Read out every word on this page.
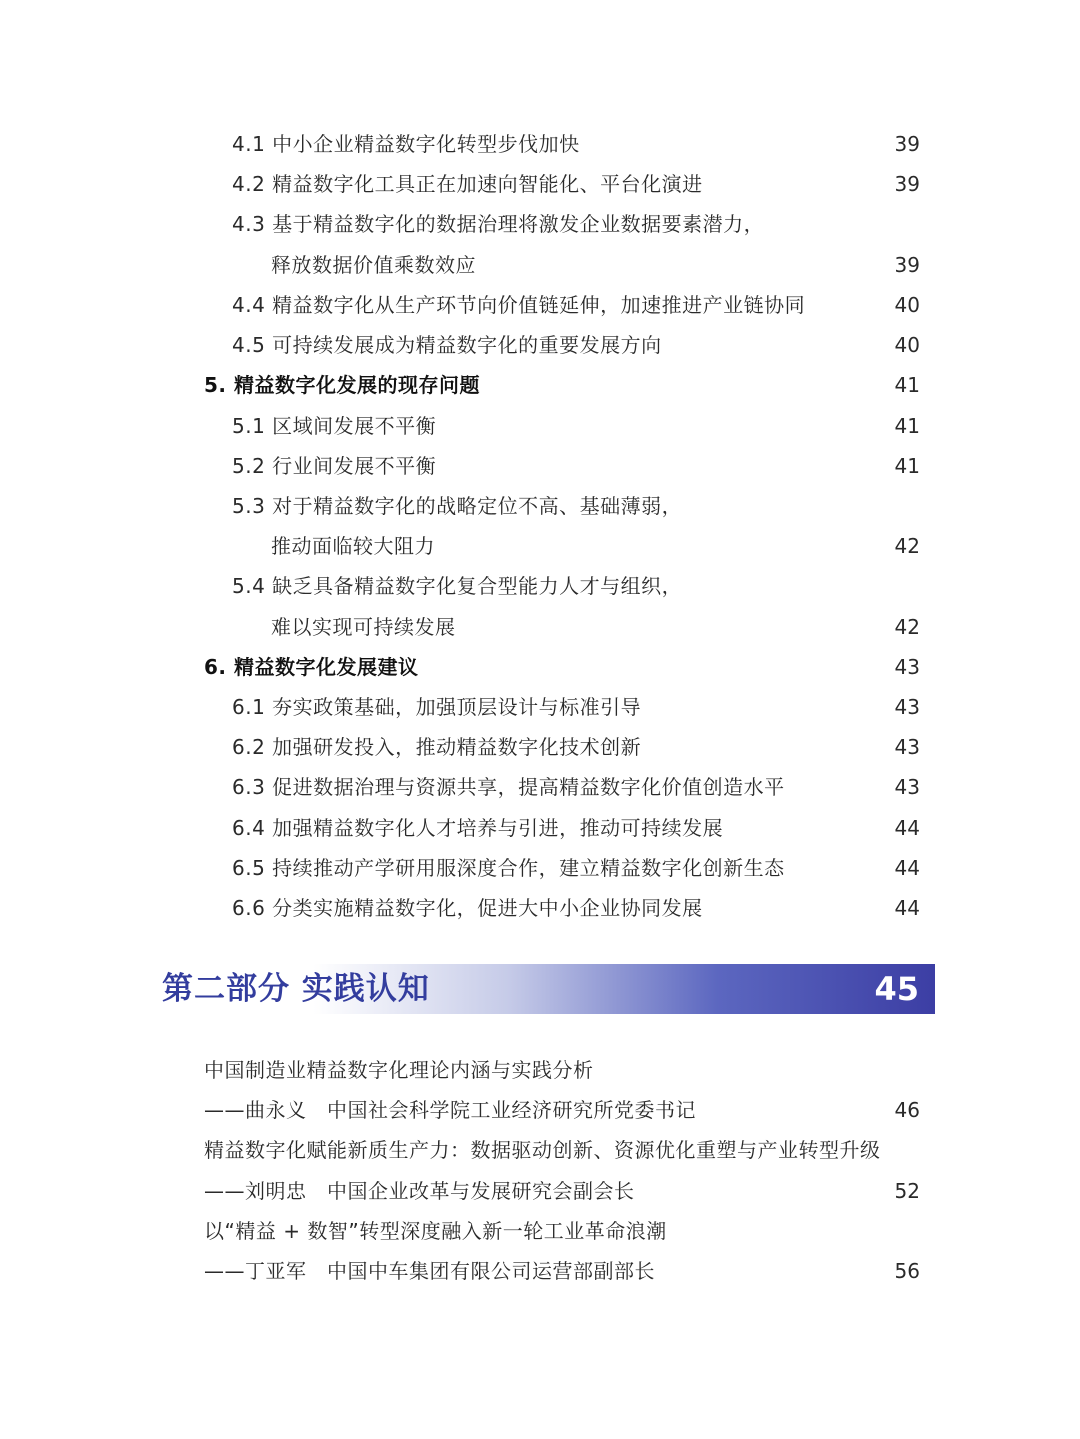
4.1 中小企业精益数字化转型步伐加快	39
4.2 精益数字化工具正在加速向智能化、平台化演进	39
4.3 基于精益数字化的数据治理将激发企业数据要素潜力，
释放数据价值乘数效应	39
4.4 精益数字化从生产环节向价值链延伸，加速推进产业链协同	40
4.5 可持续发展成为精益数字化的重要发展方向	40
5. 精益数字化发展的现存问题	41
5.1 区域间发展不平衡	41
5.2 行业间发展不平衡	41
5.3 对于精益数字化的战略定位不高、基础薄弱，
推动面临较大阻力	42
5.4 缺乏具备精益数字化复合型能力人才与组织，
难以实现可持续发展	42
6. 精益数字化发展建议	43
6.1 夯实政策基础，加强顶层设计与标准引导	43
6.2 加强研发投入，推动精益数字化技术创新	43
6.3 促进数据治理与资源共享，提高精益数字化价值创造水平	43
6.4 加强精益数字化人才培养与引进，推动可持续发展	44
6.5 持续推动产学研用服深度合作，建立精益数字化创新生态	44
6.6 分类实施精益数字化，促进大中小企业协同发展	44
第二部分 实践认知	45
中国制造业精益数字化理论内涵与实践分析
——曲永义　中国社会科学院工业经济研究所党委书记	46
精益数字化赋能新质生产力：数据驱动创新、资源优化重塑与产业转型升级
——刘明忠　中国企业改革与发展研究会副会长	52
以“精益 + 数智”转型深度融入新一轮工业革命浪潮
——丁亚军　中国中车集团有限公司运营部副部长	56
